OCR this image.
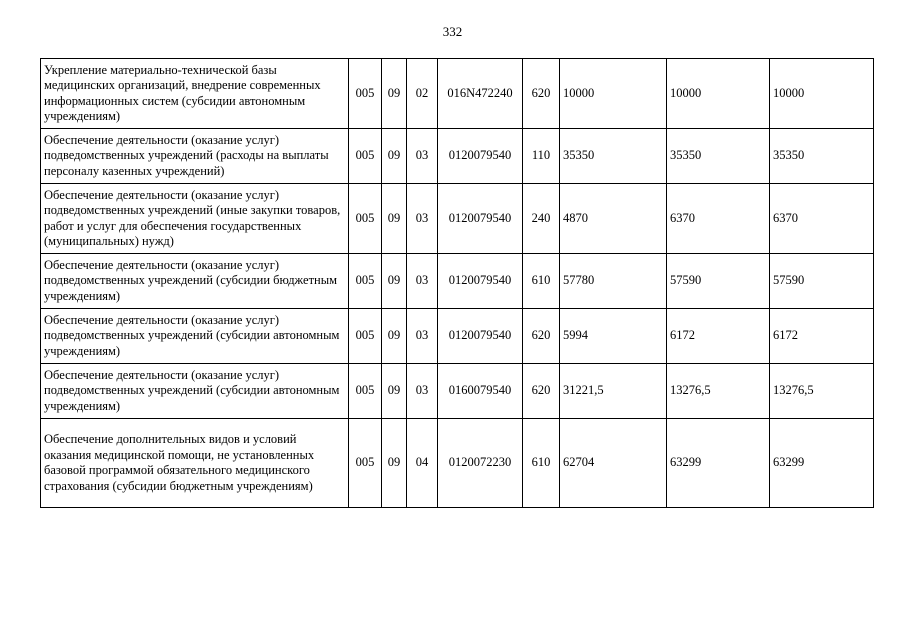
332
Укрепление материально-технической базы медицинских организаций, внедрение современных информационных систем (субсидии автономным учреждениям)	005	09	02	016N472240	620	10000	10000	10000
Обеспечение деятельности (оказание услуг) подведомственных учреждений (расходы на выплаты персоналу казенных учреждений)	005	09	03	0120079540	110	35350	35350	35350
Обеспечение деятельности (оказание услуг) подведомственных учреждений (иные закупки товаров, работ и услуг для обеспечения государственных (муниципальных) нужд)	005	09	03	0120079540	240	4870	6370	6370
Обеспечение деятельности (оказание услуг) подведомственных учреждений (субсидии бюджетным учреждениям)	005	09	03	0120079540	610	57780	57590	57590
Обеспечение деятельности (оказание услуг) подведомственных учреждений (субсидии автономным учреждениям)	005	09	03	0120079540	620	5994	6172	6172
Обеспечение деятельности (оказание услуг) подведомственных учреждений (субсидии автономным учреждениям)	005	09	03	0160079540	620	31221,5	13276,5	13276,5
Обеспечение дополнительных видов и условий оказания медицинской помощи, не установленных базовой программой обязательного медицинского страхования (субсидии бюджетным учреждениям)	005	09	04	0120072230	610	62704	63299	63299
